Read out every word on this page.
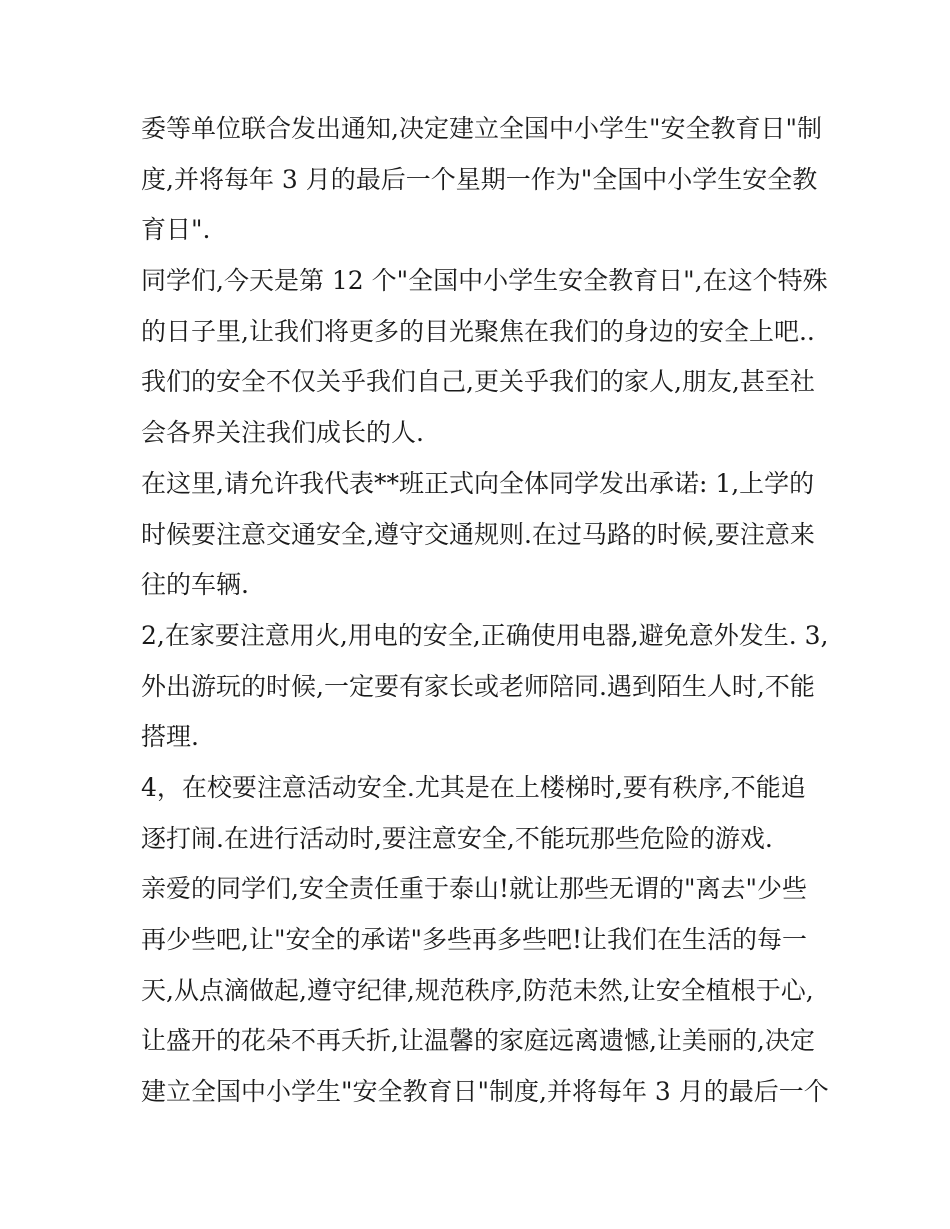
委等单位联合发出通知,决定建立全国中小学生"安全教育日"制
度,并将每年 3 月的最后一个星期一作为"全国中小学生安全教
育日".
同学们,今天是第 12 个"全国中小学生安全教育日",在这个特殊
的日子里,让我们将更多的目光聚焦在我们的身边的安全上吧..
我们的安全不仅关乎我们自己,更关乎我们的家人,朋友,甚至社
会各界关注我们成长的人.
在这里,请允许我代表**班正式向全体同学发出承诺: 1,上学的
时候要注意交通安全,遵守交通规则.在过马路的时候,要注意来
往的车辆.
2,在家要注意用火,用电的安全,正确使用电器,避免意外发生. 3,
外出游玩的时候,一定要有家长或老师陪同.遇到陌生人时,不能
搭理.
4，在校要注意活动安全.尤其是在上楼梯时,要有秩序,不能追
逐打闹.在进行活动时,要注意安全,不能玩那些危险的游戏.
亲爱的同学们,安全责任重于泰山!就让那些无谓的"离去"少些
再少些吧,让"安全的承诺"多些再多些吧!让我们在生活的每一
天,从点滴做起,遵守纪律,规范秩序,防范未然,让安全植根于心,
让盛开的花朵不再夭折,让温馨的家庭远离遗憾,让美丽的,决定
建立全国中小学生"安全教育日"制度,并将每年 3 月的最后一个
